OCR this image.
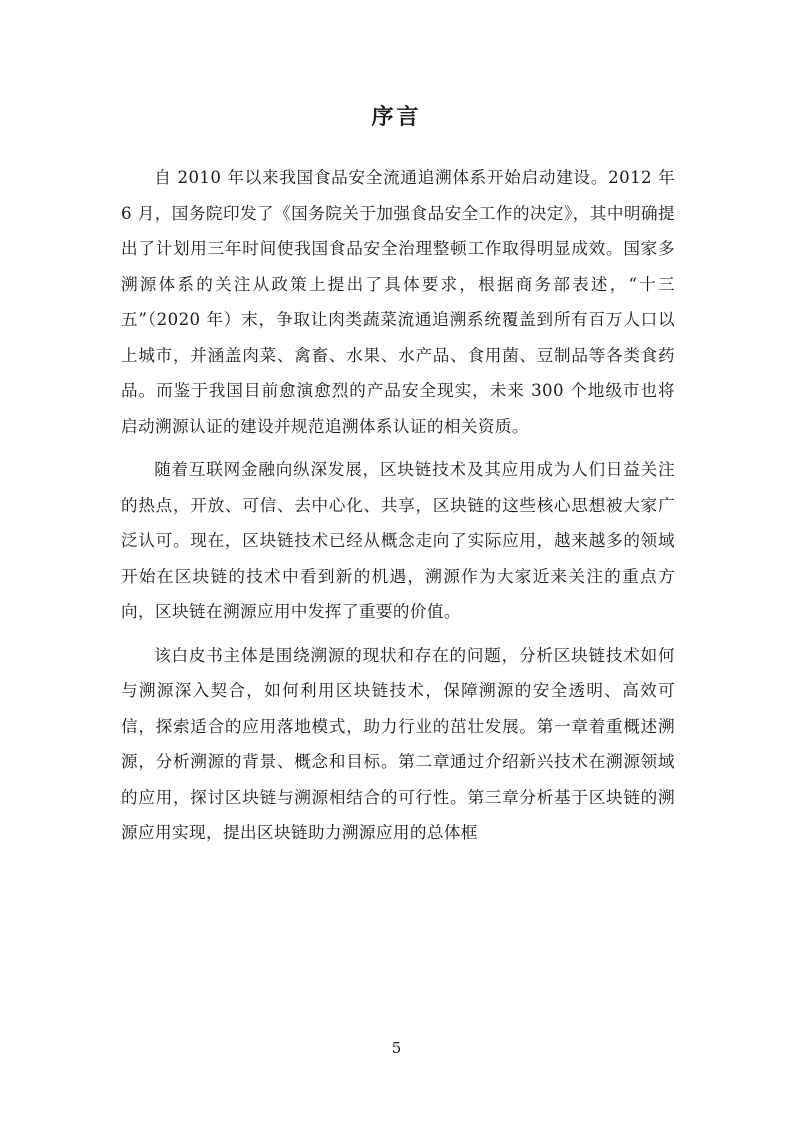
序言

自 2010 年以来我国食品安全流通追溯体系开始启动建设。2012 年 6 月，国务院印发了《国务院关于加强食品安全工作的决定》，其中明确提出了计划用三年时间使我国食品安全治理整顿工作取得明显成效。国家多溯源体系的关注从政策上提出了具体要求，根据商务部表述，“十三五”（2020 年）末，争取让肉类蔬菜流通追溯系统覆盖到所有百万人口以上城市，并涵盖肉菜、禽畜、水果、水产品、食用菌、豆制品等各类食药品。而鉴于我国目前愈演愈烈的产品安全现实，未来 300 个地级市也将启动溯源认证的建设并规范追溯体系认证的相关资质。

随着互联网金融向纵深发展，区块链技术及其应用成为人们日益关注的热点，开放、可信、去中心化、共享，区块链的这些核心思想被大家广泛认可。现在，区块链技术已经从概念走向了实际应用，越来越多的领域开始在区块链的技术中看到新的机遇，溯源作为大家近来关注的重点方向，区块链在溯源应用中发挥了重要的价值。

该白皮书主体是围绕溯源的现状和存在的问题，分析区块链技术如何与溯源深入契合，如何利用区块链技术，保障溯源的安全透明、高效可信，探索适合的应用落地模式，助力行业的茁壮发展。第一章着重概述溯源，分析溯源的背景、概念和目标。第二章通过介绍新兴技术在溯源领域的应用，探讨区块链与溯源相结合的可行性。第三章分析基于区块链的溯源应用实现，提出区块链助力溯源应用的总体框

5
